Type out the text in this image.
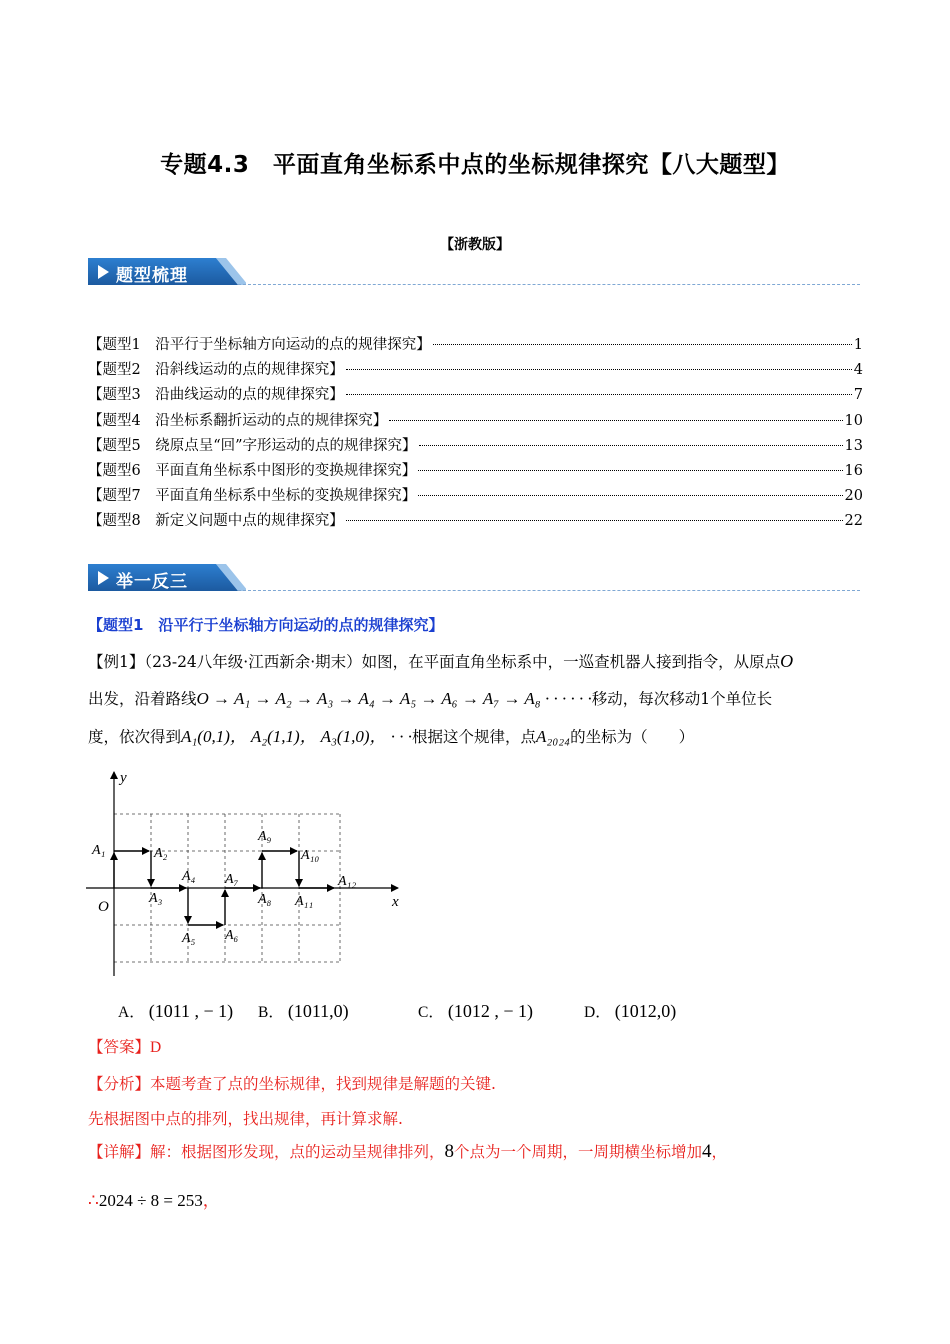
专题4.3　平面直角坐标系中点的坐标规律探究【八大题型】
【浙教版】
题型梳理
【题型1　沿平行于坐标轴方向运动的点的规律探究】	1
【题型2　沿斜线运动的点的规律探究】	4
【题型3　沿曲线运动的点的规律探究】	7
【题型4　沿坐标系翻折运动的点的规律探究】	10
【题型5　绕原点呈“回”字形运动的点的规律探究】	13
【题型6　平面直角坐标系中图形的变换规律探究】	16
【题型7　平面直角坐标系中坐标的变换规律探究】	20
【题型8　新定义问题中点的规律探究】	22
举一反三
【题型1　沿平行于坐标轴方向运动的点的规律探究】
【例1】（23-24八年级·江西新余·期末）如图，在平面直角坐标系中，一巡查机器人接到指令，从原点O
出发，沿着路线O → A₁ → A₂ → A₃ → A₄ → A₅ → A₆ → A₇ → A₈ · · · · · ·移动，每次移动1个单位长
度，依次得到A₁(0,1)， A₂(1,1)， A₃(1,0)， · · ·根据这个规律，点A₂₀₂₄的坐标为（　　）
A₁	A₂
A₃
A₄
A₅ A₆
A₇
A₈
A₉
A₁₀
A₁₁
A₁₂
O	x
y
A． (1011 , − 1) B． (1011,0)	C． (1012 , − 1)	D． (1012,0)
【答案】D
【分析】本题考查了点的坐标规律，找到规律是解题的关键.
先根据图中点的排列，找出规律，再计算求解.
【详解】解：根据图形发现，点的运动呈规律排列，8个点为一个周期，一周期横坐标增加4，
∴2024 ÷ 8 = 253，
